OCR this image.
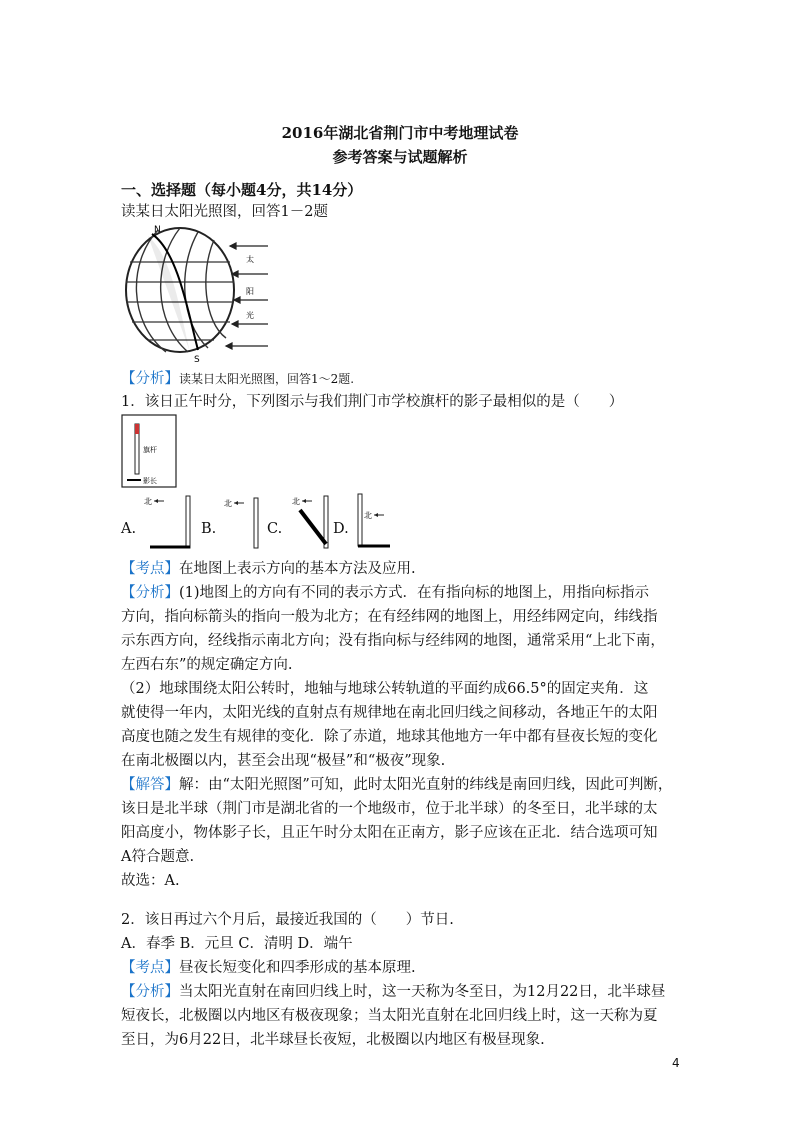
2016年湖北省荆门市中考地理试卷
参考答案与试题解析
一、选择题（每小题4分，共14分）
读某日太阳光照图，回答1－2题
N
S
太
阳
光
【分析】读某日太阳光照图，回答1～2题.
1．该日正午时分，下列图示与我们荆门市学校旗杆的影子最相似的是（　　）
旗杆
影长
A.
北
B.
北
C.
北
D.
北
【考点】在地图上表示方向的基本方法及应用.
【分析】(1)地图上的方向有不同的表示方式．在有指向标的地图上，用指向标指示
方向，指向标箭头的指向一般为北方；在有经纬网的地图上，用经纬网定向，纬线指
示东西方向，经线指示南北方向；没有指向标与经纬网的地图，通常采用“上北下南，
左西右东”的规定确定方向.
（2）地球围绕太阳公转时，地轴与地球公转轨道的平面约成66.5°的固定夹角．这
就使得一年内，太阳光线的直射点有规律地在南北回归线之间移动，各地正午的太阳
高度也随之发生有规律的变化．除了赤道，地球其他地方一年中都有昼夜长短的变化
在南北极圈以内，甚至会出现“极昼”和“极夜”现象.
【解答】解：由“太阳光照图”可知，此时太阳光直射的纬线是南回归线，因此可判断，
该日是北半球（荆门市是湖北省的一个地级市，位于北半球）的冬至日，北半球的太
阳高度小，物体影子长，且正午时分太阳在正南方，影子应该在正北．结合选项可知
A符合题意.
故选：A.
2．该日再过六个月后，最接近我国的（　　）节日.
A．春季 B．元旦 C．清明 D．端午
【考点】昼夜长短变化和四季形成的基本原理.
【分析】当太阳光直射在南回归线上时，这一天称为冬至日，为12月22日，北半球昼
短夜长，北极圈以内地区有极夜现象；当太阳光直射在北回归线上时，这一天称为夏
至日，为6月22日，北半球昼长夜短，北极圈以内地区有极昼现象.
4
